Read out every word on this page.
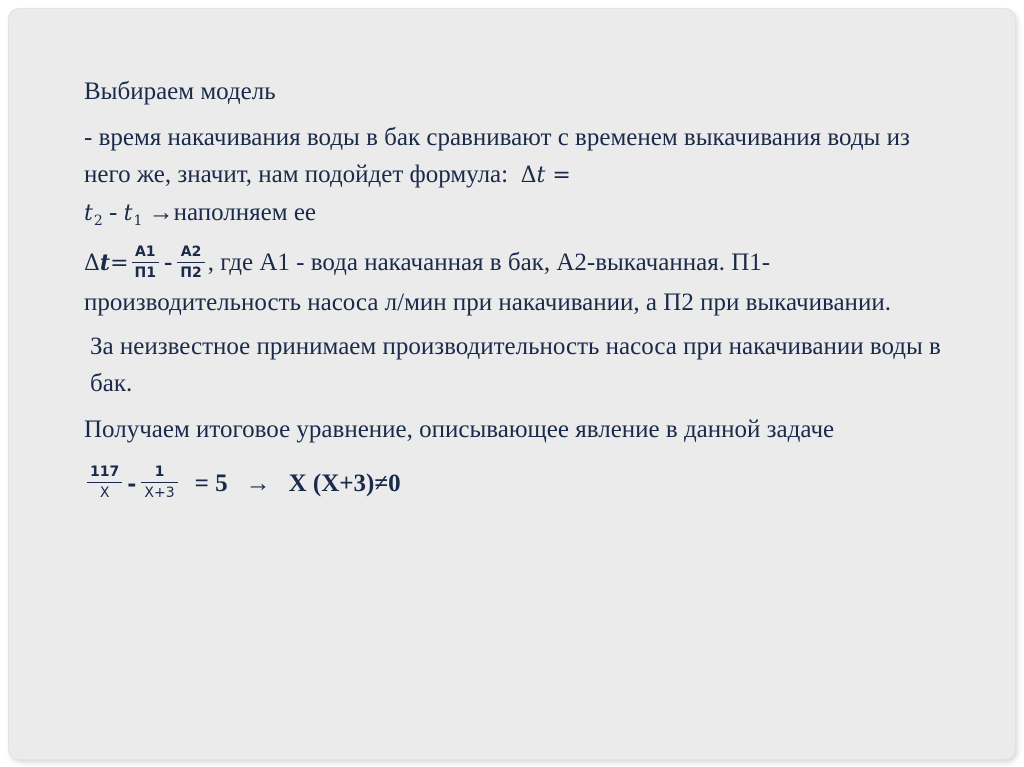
Выбираем модель

- время накачивания воды в бак сравнивают с временем выкачивания воды из него же, значит, нам подойдет формула: Δt =
$t_2 - t_1$ →наполняем ее

$\Delta t= \frac{A1}{П1} - \frac{A2}{П2}$ , где А1 - вода накачанная в бак, А2-выкачанная. П1-производительность насоса л/мин при накачивании, а П2 при выкачивании.

За неизвестное принимаем производительность насоса при накачивании воды в бак.

Получаем итоговое уравнение, описывающее явление в данной задаче

$\frac{117}{X} - \frac{1}{X+3} = 5 \to X$ (X+3)≠0
